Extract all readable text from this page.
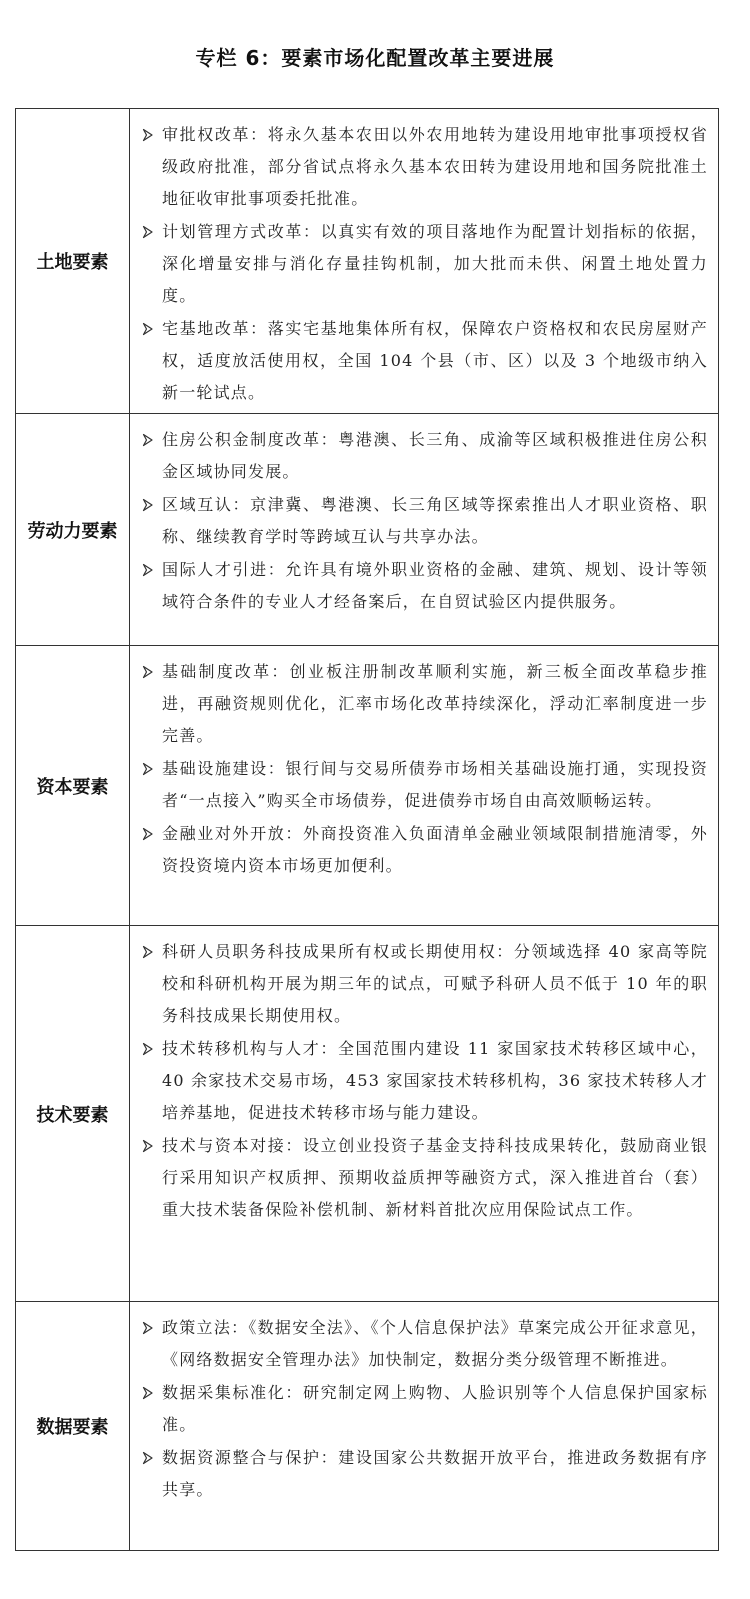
专栏 6：要素市场化配置改革主要进展
土地要素
审批权改革：将永久基本农田以外农用地转为建设用地审批事项授权省级政府批准，部分省试点将永久基本农田转为建设用地和国务院批准土地征收审批事项委托批准。
计划管理方式改革：以真实有效的项目落地作为配置计划指标的依据，深化增量安排与消化存量挂钩机制，加大批而未供、闲置土地处置力度。
宅基地改革：落实宅基地集体所有权，保障农户资格权和农民房屋财产权，适度放活使用权，全国 104 个县（市、区）以及 3 个地级市纳入新一轮试点。
劳动力要素
住房公积金制度改革：粤港澳、长三角、成渝等区域积极推进住房公积金区域协同发展。
区域互认：京津冀、粤港澳、长三角区域等探索推出人才职业资格、职称、继续教育学时等跨域互认与共享办法。
国际人才引进：允许具有境外职业资格的金融、建筑、规划、设计等领域符合条件的专业人才经备案后，在自贸试验区内提供服务。
资本要素
基础制度改革：创业板注册制改革顺利实施，新三板全面改革稳步推进，再融资规则优化，汇率市场化改革持续深化，浮动汇率制度进一步完善。
基础设施建设：银行间与交易所债券市场相关基础设施打通，实现投资者“一点接入”购买全市场债券，促进债券市场自由高效顺畅运转。
金融业对外开放：外商投资准入负面清单金融业领域限制措施清零，外资投资境内资本市场更加便利。
技术要素
科研人员职务科技成果所有权或长期使用权：分领域选择 40 家高等院校和科研机构开展为期三年的试点，可赋予科研人员不低于 10 年的职务科技成果长期使用权。
技术转移机构与人才：全国范围内建设 11 家国家技术转移区域中心，40 余家技术交易市场，453 家国家技术转移机构，36 家技术转移人才培养基地，促进技术转移市场与能力建设。
技术与资本对接：设立创业投资子基金支持科技成果转化，鼓励商业银行采用知识产权质押、预期收益质押等融资方式，深入推进首台（套）重大技术装备保险补偿机制、新材料首批次应用保险试点工作。
数据要素
政策立法：《数据安全法》、《个人信息保护法》草案完成公开征求意见，《网络数据安全管理办法》加快制定，数据分类分级管理不断推进。
数据采集标准化：研究制定网上购物、人脸识别等个人信息保护国家标准。
数据资源整合与保护：建设国家公共数据开放平台，推进政务数据有序共享。
